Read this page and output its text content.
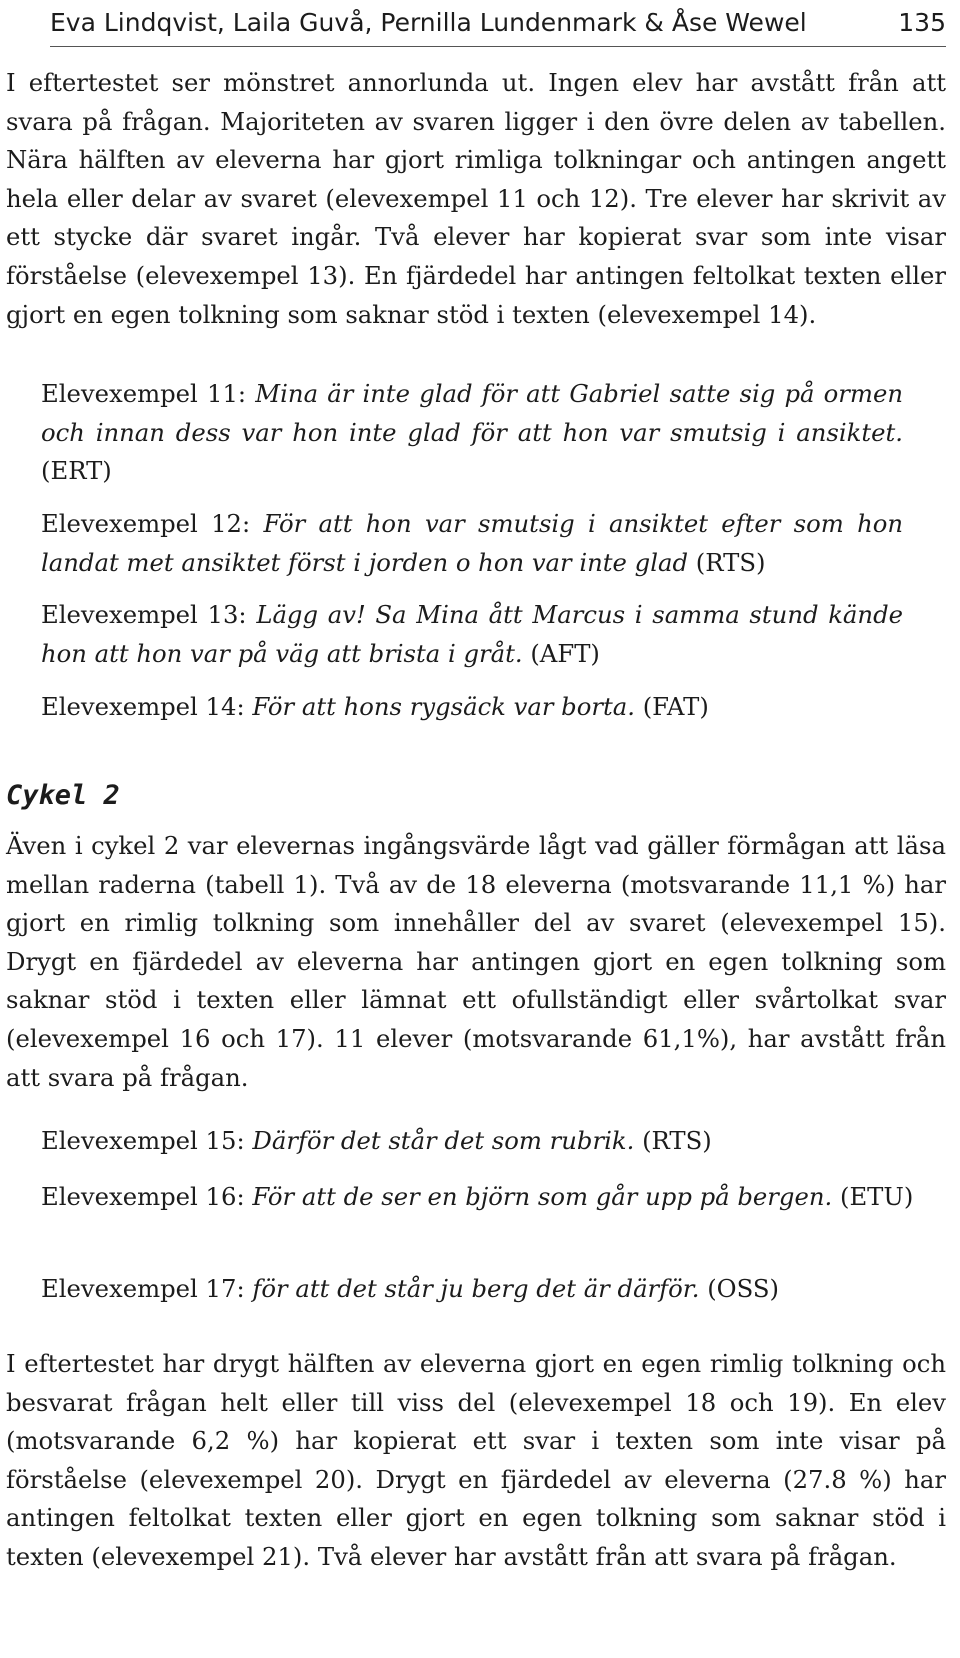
Eva Lindqvist, Laila Guvå, Pernilla Lundenmark & Åse Wewel	135

I eftertestet ser mönstret annorlunda ut. Ingen elev har avstått från att svara på frågan. Majoriteten av svaren ligger i den övre delen av tabellen. Nära hälften av eleverna har gjort rimliga tolkningar och antingen angett hela eller delar av svaret (elevexempel 11 och 12). Tre elever har skrivit av ett stycke där svaret ingår. Två elever har kopierat svar som inte visar förståelse (elevexempel 13). En fjärdedel har antingen feltolkat texten eller gjort en egen tolkning som saknar stöd i texten (elevexempel 14).

Elevexempel 11: Mina är inte glad för att Gabriel satte sig på ormen och innan dess var hon inte glad för att hon var smutsig i ansiktet. (ERT)

Elevexempel 12: För att hon var smutsig i ansiktet efter som hon landat met ansiktet först i jorden o hon var inte glad (RTS)

Elevexempel 13: Lägg av! Sa Mina ått Marcus i samma stund kände hon att hon var på väg att brista i gråt. (AFT)

Elevexempel 14: För att hons rygsäck var borta. (FAT)

Cykel 2

Även i cykel 2 var elevernas ingångsvärde lågt vad gäller förmågan att läsa mellan raderna (tabell 1). Två av de 18 eleverna (motsvarande 11,1 %) har gjort en rimlig tolkning som innehåller del av svaret (elevexempel 15). Drygt en fjärdedel av eleverna har antingen gjort en egen tolkning som saknar stöd i texten eller lämnat ett ofullständigt eller svårtolkat svar (elevexempel 16 och 17). 11 elever (motsvarande 61,1%), har avstått från att svara på frågan.

Elevexempel 15: Därför det står det som rubrik. (RTS)

Elevexempel 16: För att de ser en björn som går upp på bergen. (ETU)

Elevexempel 17: för att det står ju berg det är därför. (OSS)

I eftertestet har drygt hälften av eleverna gjort en egen rimlig tolkning och besvarat frågan helt eller till viss del (elevexempel 18 och 19). En elev (motsvarande 6,2 %) har kopierat ett svar i texten som inte visar på förståelse (elevexempel 20). Drygt en fjärdedel av eleverna (27.8 %) har antingen feltolkat texten eller gjort en egen tolkning som saknar stöd i texten (elevexempel 21). Två elever har avstått från att svara på frågan.
